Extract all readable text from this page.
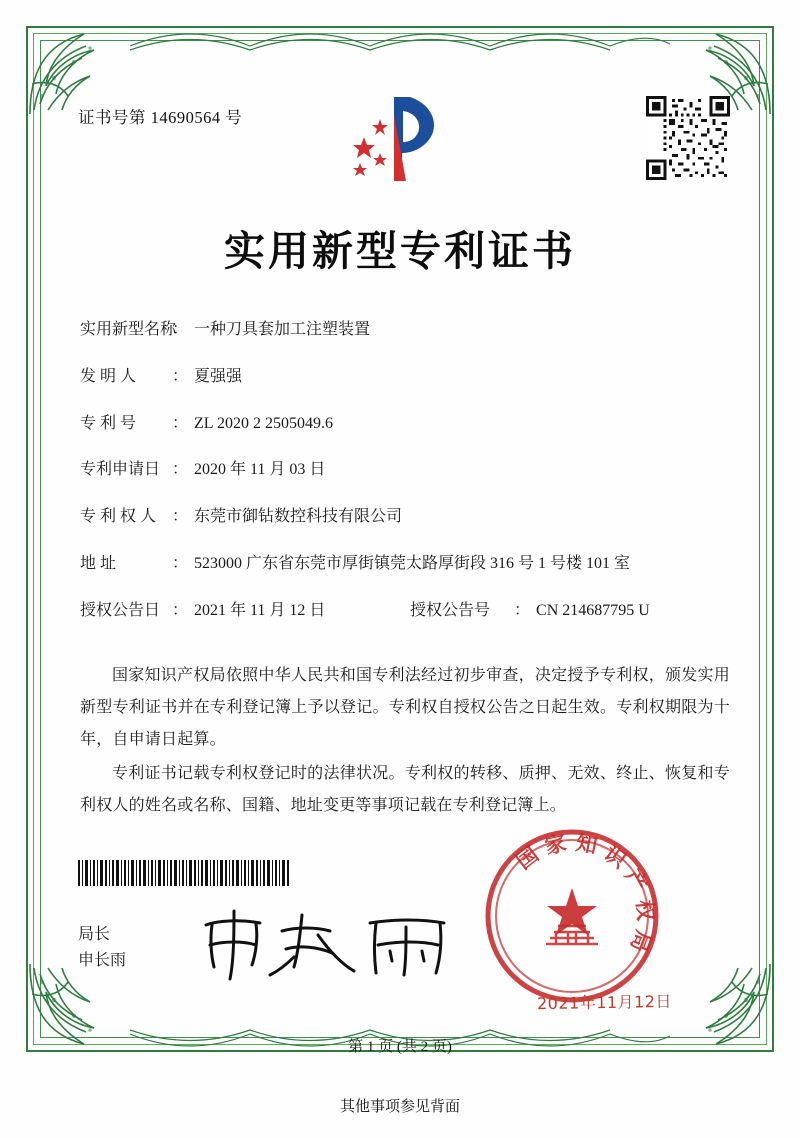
证书号第 14690564 号
实用新型专利证书
实用新型名称
： 一种刀具套加工注塑装置
发 明 人	： 夏强强
专 利 号	： ZL 2020 2 2505049.6
专利申请日 ： 2020 年 11 月 03 日
专 利 权 人 ： 东莞市御钻数控科技有限公司
地 址	： 523000 广东省东莞市厚街镇莞太路厚街段 316 号 1 号楼 101 室
授权公告日 ： 2021 年 11 月 12 日	授权公告号	： CN 214687795 U

国家知识产权局依照中华人民共和国专利法经过初步审查，决定授予专利权，颁发实用新型专利证书并在专利登记簿上予以登记。专利权自授权公告之日起生效。专利权期限为十年，自申请日起算。

专利证书记载专利权登记时的法律状况。专利权的转移、质押、无效、终止、恢复和专利权人的姓名或名称、国籍、地址变更等事项记载在专利登记簿上。

局长
申长雨
国 家 知 识 产 权 局
2021年11月12日
第 1 页 (共 2 页)
其他事项参见背面
